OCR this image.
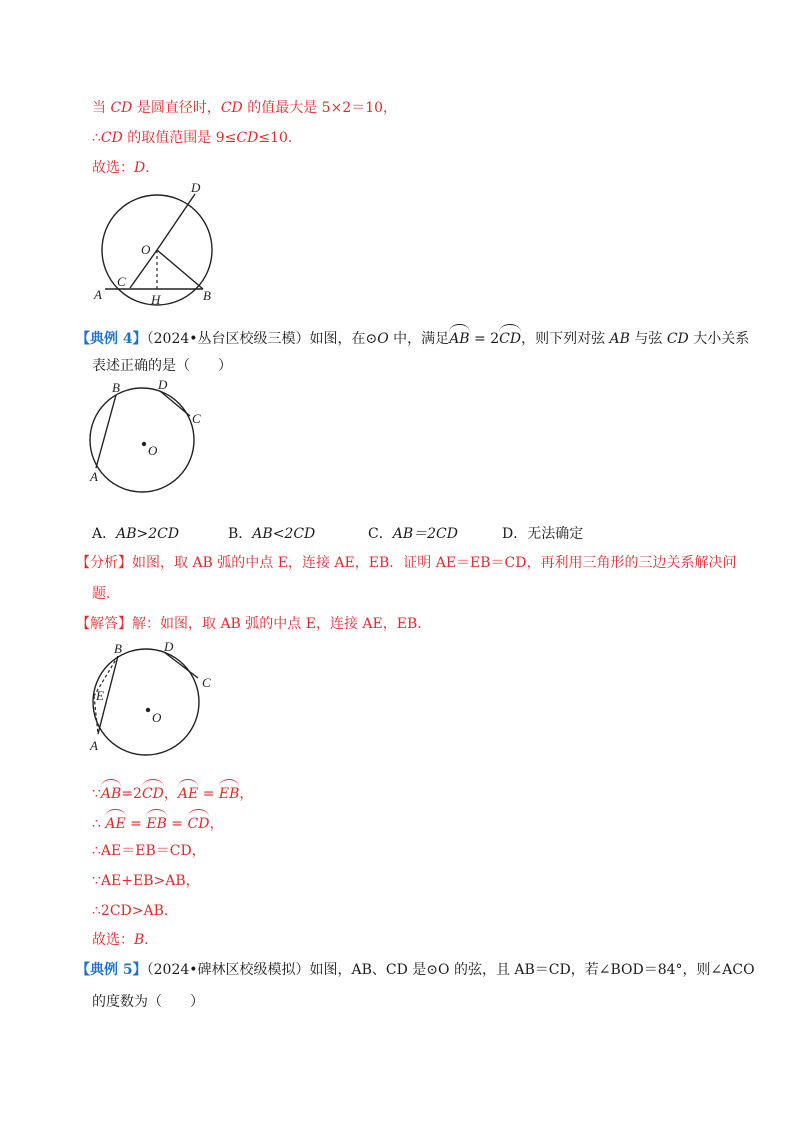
当 CD 是圆直径时，CD 的值最大是 5×2＝10，
∴CD 的取值范围是 9≤CD≤10.
故选：D.
D
O
C
A	H	B
【典例 4】（2024•丛台区校级三模）如图，在⊙O 中，满足AB = 2CD，则下列对弦 AB 与弦 CD 大小关系
表述正确的是（　　）
B	D
C
O
A
A．AB>2CD	B．AB<2CD	C．AB＝2CD	D．无法确定
【分析】如图，取 AB 弧的中点 E，连接 AE，EB．证明 AE＝EB＝CD，再利用三角形的三边关系解决问
题.
【解答】解：如图，取 AB 弧的中点 E，连接 AE，EB.
B	D
C
E
O
A
∵AB=2CD，AE = EB，
∴ AE = EB = CD，
∴AE＝EB＝CD，
∵AE+EB>AB，
∴2CD>AB.
故选：B.
【典例 5】（2024•碑林区校级模拟）如图，AB、CD 是⊙O 的弦，且 AB＝CD，若∠BOD＝84°，则∠ACO
的度数为（　　）
